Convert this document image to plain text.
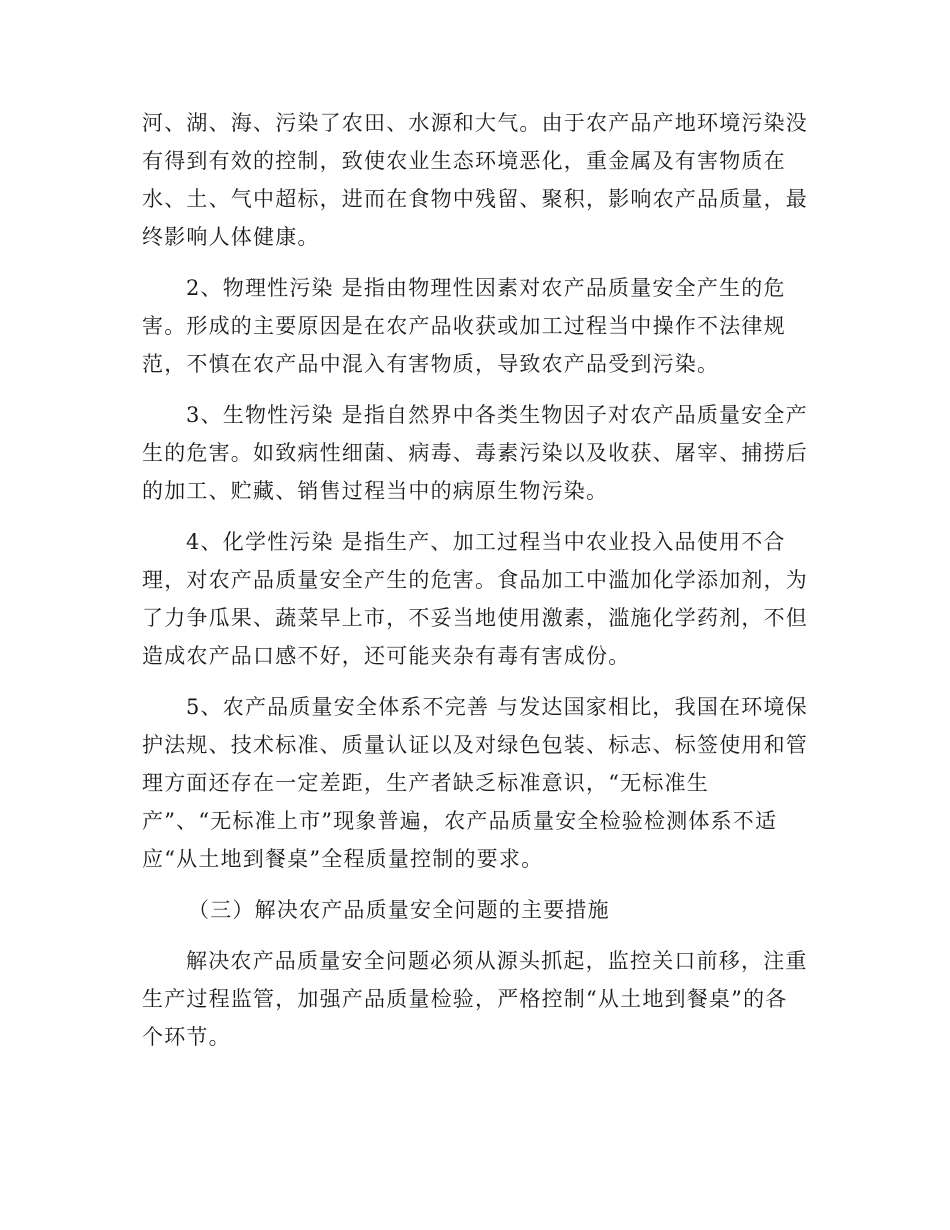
河、湖、海、污染了农田、水源和大气。由于农产品产地环境污染没
有得到有效的控制，致使农业生态环境恶化，重金属及有害物质在
水、土、气中超标，进而在食物中残留、聚积，影响农产品质量，最
终影响人体健康。

2、物理性污染 是指由物理性因素对农产品质量安全产生的危
害。形成的主要原因是在农产品收获或加工过程当中操作不法律规
范，不慎在农产品中混入有害物质，导致农产品受到污染。

3、生物性污染 是指自然界中各类生物因子对农产品质量安全产
生的危害。如致病性细菌、病毒、毒素污染以及收获、屠宰、捕捞后
的加工、贮藏、销售过程当中的病原生物污染。

4、化学性污染 是指生产、加工过程当中农业投入品使用不合
理，对农产品质量安全产生的危害。食品加工中滥加化学添加剂，为
了力争瓜果、蔬菜早上市，不妥当地使用激素，滥施化学药剂，不但
造成农产品口感不好，还可能夹杂有毒有害成份。

5、农产品质量安全体系不完善 与发达国家相比，我国在环境保
护法规、技术标准、质量认证以及对绿色包装、标志、标签使用和管
理方面还存在一定差距，生产者缺乏标准意识，“无标准生
产”、“无标准上市”现象普遍，农产品质量安全检验检测体系不适
应“从土地到餐桌”全程质量控制的要求。

（三）解决农产品质量安全问题的主要措施

解决农产品质量安全问题必须从源头抓起，监控关口前移，注重
生产过程监管，加强产品质量检验，严格控制“从土地到餐桌”的各
个环节。
